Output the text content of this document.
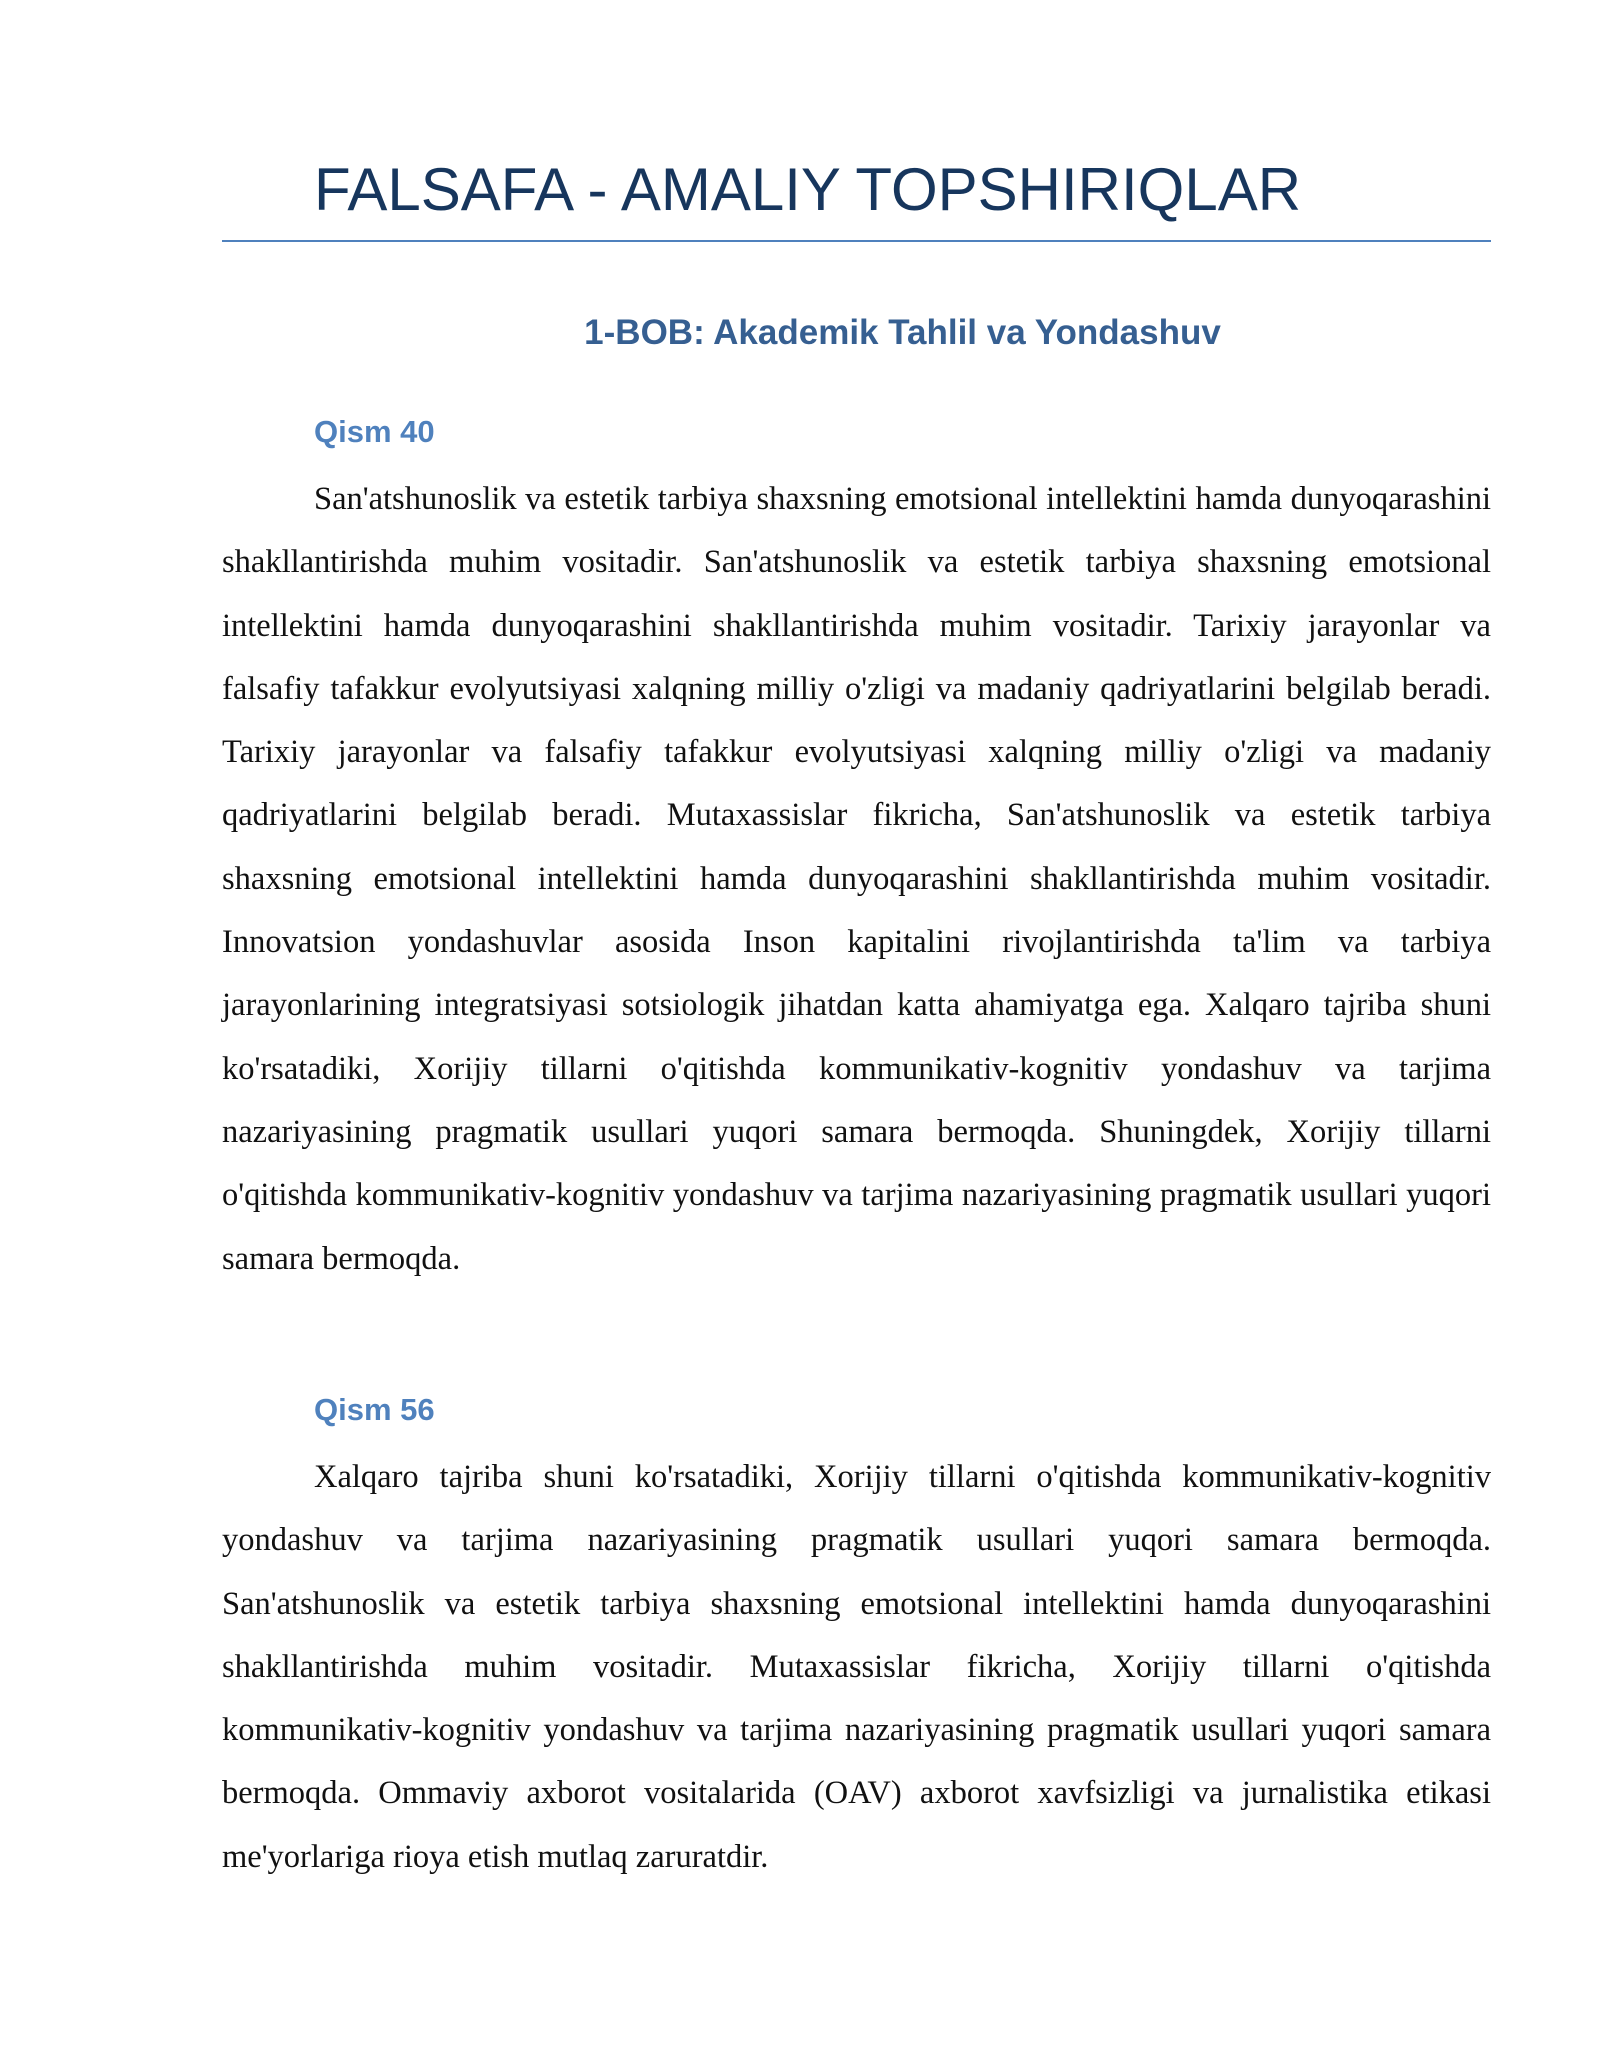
FALSAFA - AMALIY TOPSHIRIQLAR
1-BOB: Akademik Tahlil va Yondashuv
Qism 40

San'atshunoslik va estetik tarbiya shaxsning emotsional intellektini hamda dunyoqarashini shakllantirishda muhim vositadir. San'atshunoslik va estetik tarbiya shaxsning emotsional intellektini hamda dunyoqarashini shakllantirishda muhim vositadir. Tarixiy jarayonlar va falsafiy tafakkur evolyutsiyasi xalqning milliy o'zligi va madaniy qadriyatlarini belgilab beradi. Tarixiy jarayonlar va falsafiy tafakkur evolyutsiyasi xalqning milliy o'zligi va madaniy qadriyatlarini belgilab beradi. Mutaxassislar fikricha, San'atshunoslik va estetik tarbiya shaxsning emotsional intellektini hamda dunyoqarashini shakllantirishda muhim vositadir. Innovatsion yondashuvlar asosida Inson kapitalini rivojlantirishda ta'lim va tarbiya jarayonlarining integratsiyasi sotsiologik jihatdan katta ahamiyatga ega. Xalqaro tajriba shuni ko'rsatadiki, Xorijiy tillarni o'qitishda kommunikativ-kognitiv yondashuv va tarjima nazariyasining pragmatik usullari yuqori samara bermoqda. Shuningdek, Xorijiy tillarni o'qitishda kommunikativ-kognitiv yondashuv va tarjima nazariyasining pragmatik usullari yuqori samara bermoqda.

Qism 56

Xalqaro tajriba shuni ko'rsatadiki, Xorijiy tillarni o'qitishda kommunikativ-kognitiv yondashuv va tarjima nazariyasining pragmatik usullari yuqori samara bermoqda. San'atshunoslik va estetik tarbiya shaxsning emotsional intellektini hamda dunyoqarashini shakllantirishda muhim vositadir. Mutaxassislar fikricha, Xorijiy tillarni o'qitishda kommunikativ-kognitiv yondashuv va tarjima nazariyasining pragmatik usullari yuqori samara bermoqda. Ommaviy axborot vositalarida (OAV) axborot xavfsizligi va jurnalistika etikasi me'yorlariga rioya etish mutlaq zaruratdir.
